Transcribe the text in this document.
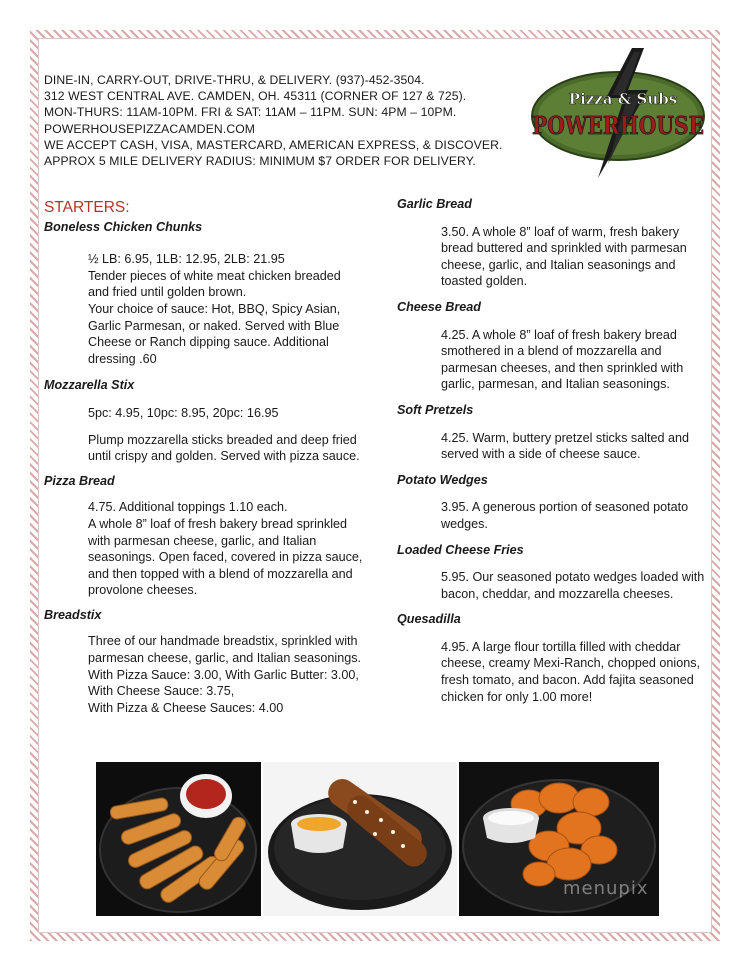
DINE-IN, CARRY-OUT, DRIVE-THRU, & DELIVERY. (937)-452-3504.
312 WEST CENTRAL AVE. CAMDEN, OH. 45311 (CORNER OF 127 & 725).
MON-THURS: 11AM-10PM. FRI & SAT: 11AM – 11PM. SUN: 4PM – 10PM.
POWERHOUSEPIZZACAMDEN.COM
WE ACCEPT CASH, VISA, MASTERCARD, AMERICAN EXPRESS, & DISCOVER.
APPROX 5 MILE DELIVERY RADIUS: MINIMUM $7 ORDER FOR DELIVERY.
Pizza & Subs
POWERHOUSE
STARTERS:

Boneless Chicken Chunks

½ LB: 6.95, 1LB: 12.95, 2LB: 21.95

Tender pieces of white meat chicken breaded and fried until golden brown.

Your choice of sauce: Hot, BBQ, Spicy Asian, Garlic Parmesan, or naked. Served with Blue Cheese or Ranch dipping sauce. Additional dressing .60

Mozzarella Stix

5pc: 4.95, 10pc: 8.95, 20pc: 16.95

Plump mozzarella sticks breaded and deep fried until crispy and golden. Served with pizza sauce.

Pizza Bread

4.75. Additional toppings 1.10 each.

A whole 8” loaf of fresh bakery bread sprinkled with parmesan cheese, garlic, and Italian seasonings. Open faced, covered in pizza sauce, and then topped with a blend of mozzarella and provolone cheeses.

Breadstix

Three of our handmade breadstix, sprinkled with parmesan cheese, garlic, and Italian seasonings.

With Pizza Sauce: 3.00, With Garlic Butter: 3.00,

With Cheese Sauce: 3.75,

With Pizza & Cheese Sauces: 4.00

Garlic Bread

3.50. A whole 8” loaf of warm, fresh bakery bread buttered and sprinkled with parmesan cheese, garlic, and Italian seasonings and toasted golden.

Cheese Bread

4.25. A whole 8” loaf of fresh bakery bread smothered in a blend of mozzarella and parmesan cheeses, and then sprinkled with garlic, parmesan, and Italian seasonings.

Soft Pretzels

4.25. Warm, buttery pretzel sticks salted and served with a side of cheese sauce.

Potato Wedges

3.95. A generous portion of seasoned potato wedges.

Loaded Cheese Fries

5.95. Our seasoned potato wedges loaded with bacon, cheddar, and mozzarella cheeses.

Quesadilla

4.95. A large flour tortilla filled with cheddar cheese, creamy Mexi-Ranch, chopped onions, fresh tomato, and bacon. Add fajita seasoned chicken for only 1.00 more!

menupix
